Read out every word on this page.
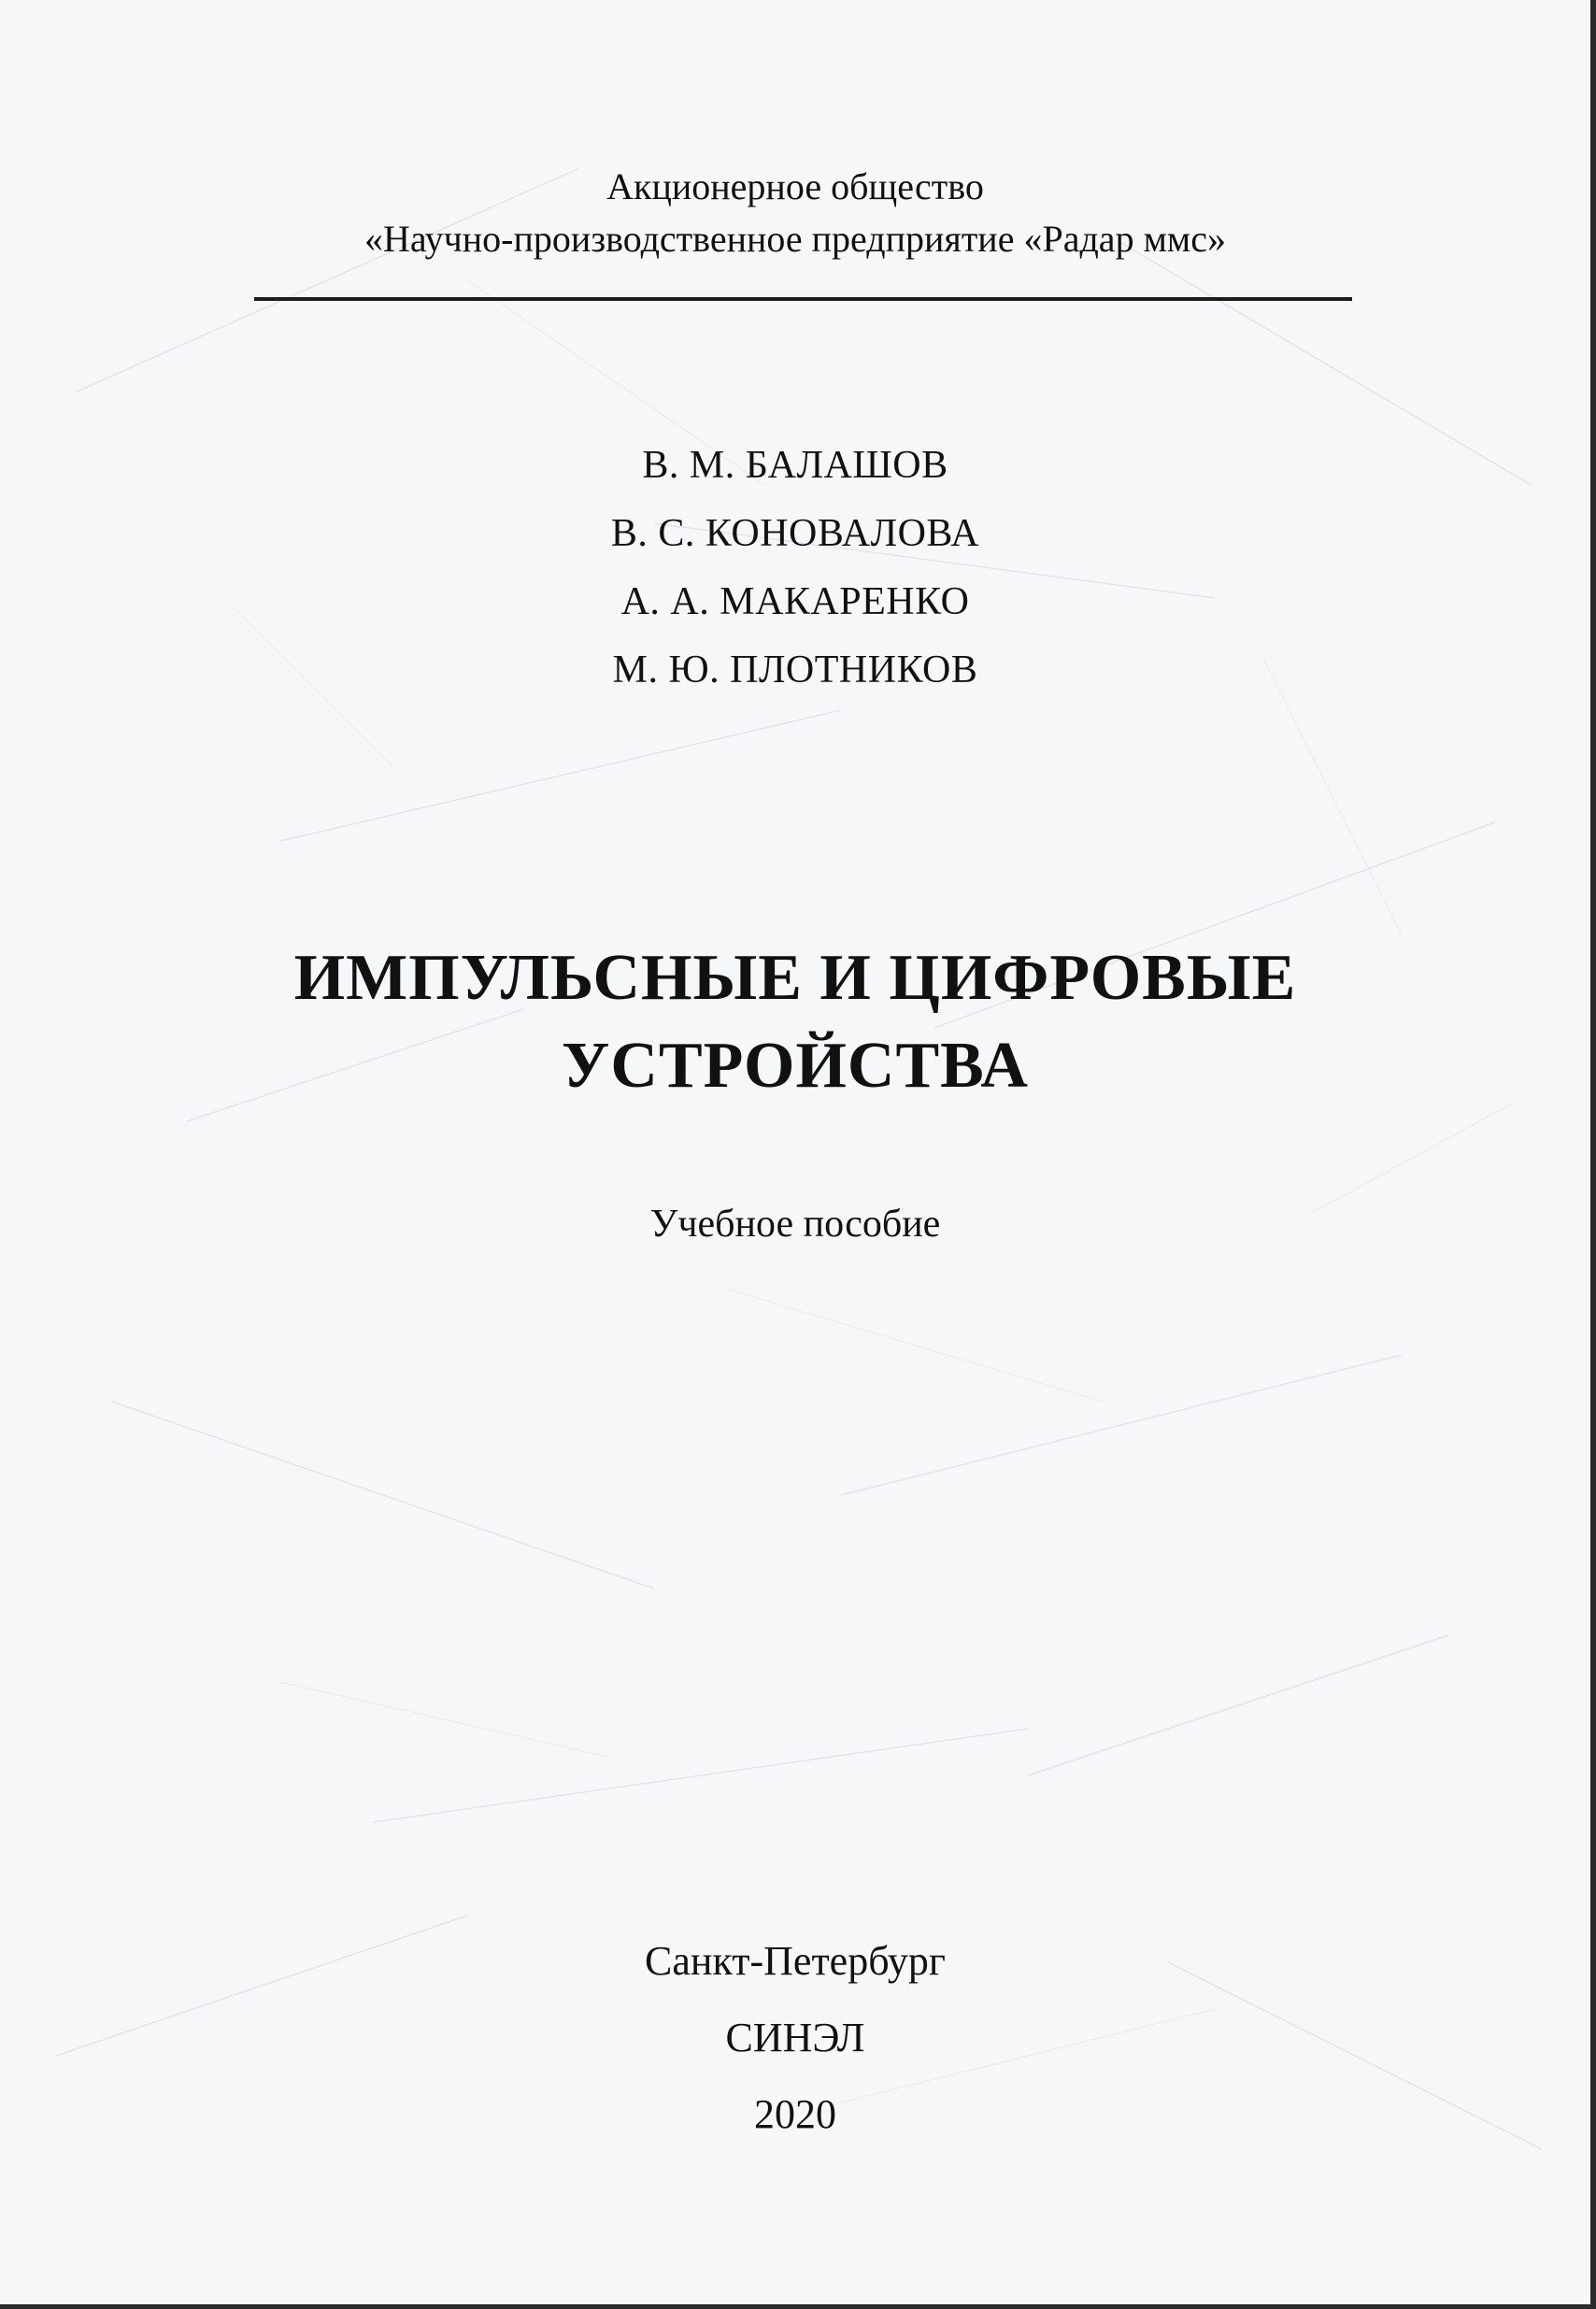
Акционерное общество
«Научно-производственное предприятие «Радар ммс»
В. М. БАЛАШОВ
В. С. КОНОВАЛОВА
А. А. МАКАРЕНКО
М. Ю. ПЛОТНИКОВ
ИМПУЛЬСНЫЕ И ЦИФРОВЫЕ
УСТРОЙСТВА
Учебное пособие
Санкт-Петербург
СИНЭЛ
2020
